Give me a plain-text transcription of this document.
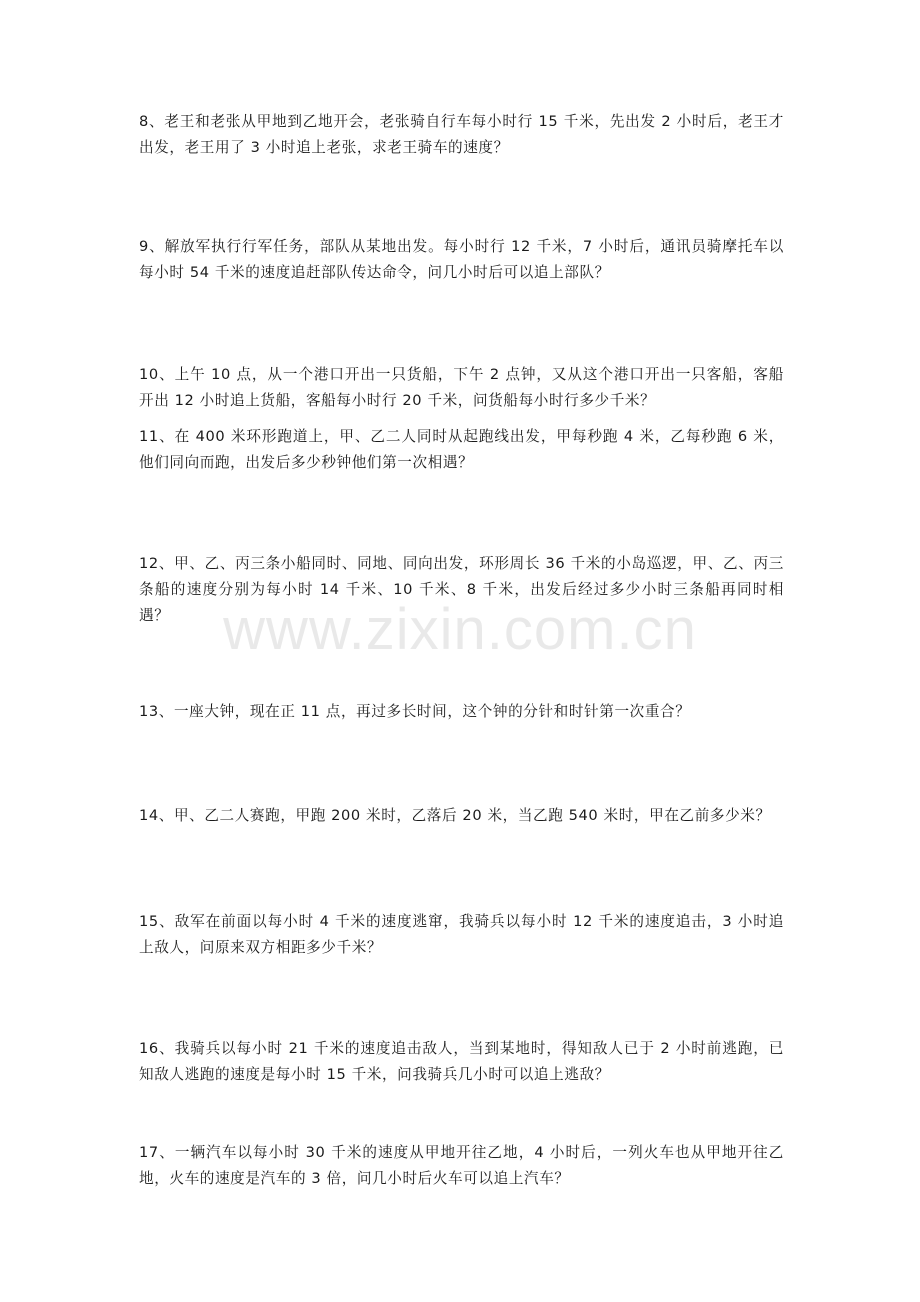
8、老王和老张从甲地到乙地开会，老张骑自行车每小时行 15 千米，先出发 2 小时后，老王才出发，老王用了 3 小时追上老张，求老王骑车的速度？

9、解放军执行行军任务，部队从某地出发。每小时行 12 千米，7 小时后，通讯员骑摩托车以每小时 54 千米的速度追赶部队传达命令，问几小时后可以追上部队？

10、上午 10 点，从一个港口开出一只货船，下午 2 点钟，又从这个港口开出一只客船，客船开出 12 小时追上货船，客船每小时行 20 千米，问货船每小时行多少千米？

11、在 400 米环形跑道上，甲、乙二人同时从起跑线出发，甲每秒跑 4 米，乙每秒跑 6 米，他们同向而跑，出发后多少秒钟他们第一次相遇？

12、甲、乙、丙三条小船同时、同地、同向出发，环形周长 36 千米的小岛巡逻，甲、乙、丙三条船的速度分别为每小时 14 千米、10 千米、8 千米，出发后经过多少小时三条船再同时相遇？

13、一座大钟，现在正 11 点，再过多长时间，这个钟的分针和时针第一次重合？

14、甲、乙二人赛跑，甲跑 200 米时，乙落后 20 米，当乙跑 540 米时，甲在乙前多少米？

15、敌军在前面以每小时 4 千米的速度逃窜，我骑兵以每小时 12 千米的速度追击，3 小时追上敌人，问原来双方相距多少千米？

16、我骑兵以每小时 21 千米的速度追击敌人，当到某地时，得知敌人已于 2 小时前逃跑，已知敌人逃跑的速度是每小时 15 千米，问我骑兵几小时可以追上逃敌？

17、一辆汽车以每小时 30 千米的速度从甲地开往乙地，4 小时后，一列火车也从甲地开往乙地，火车的速度是汽车的 3 倍，问几小时后火车可以追上汽车？

www.zixin.com.cn
